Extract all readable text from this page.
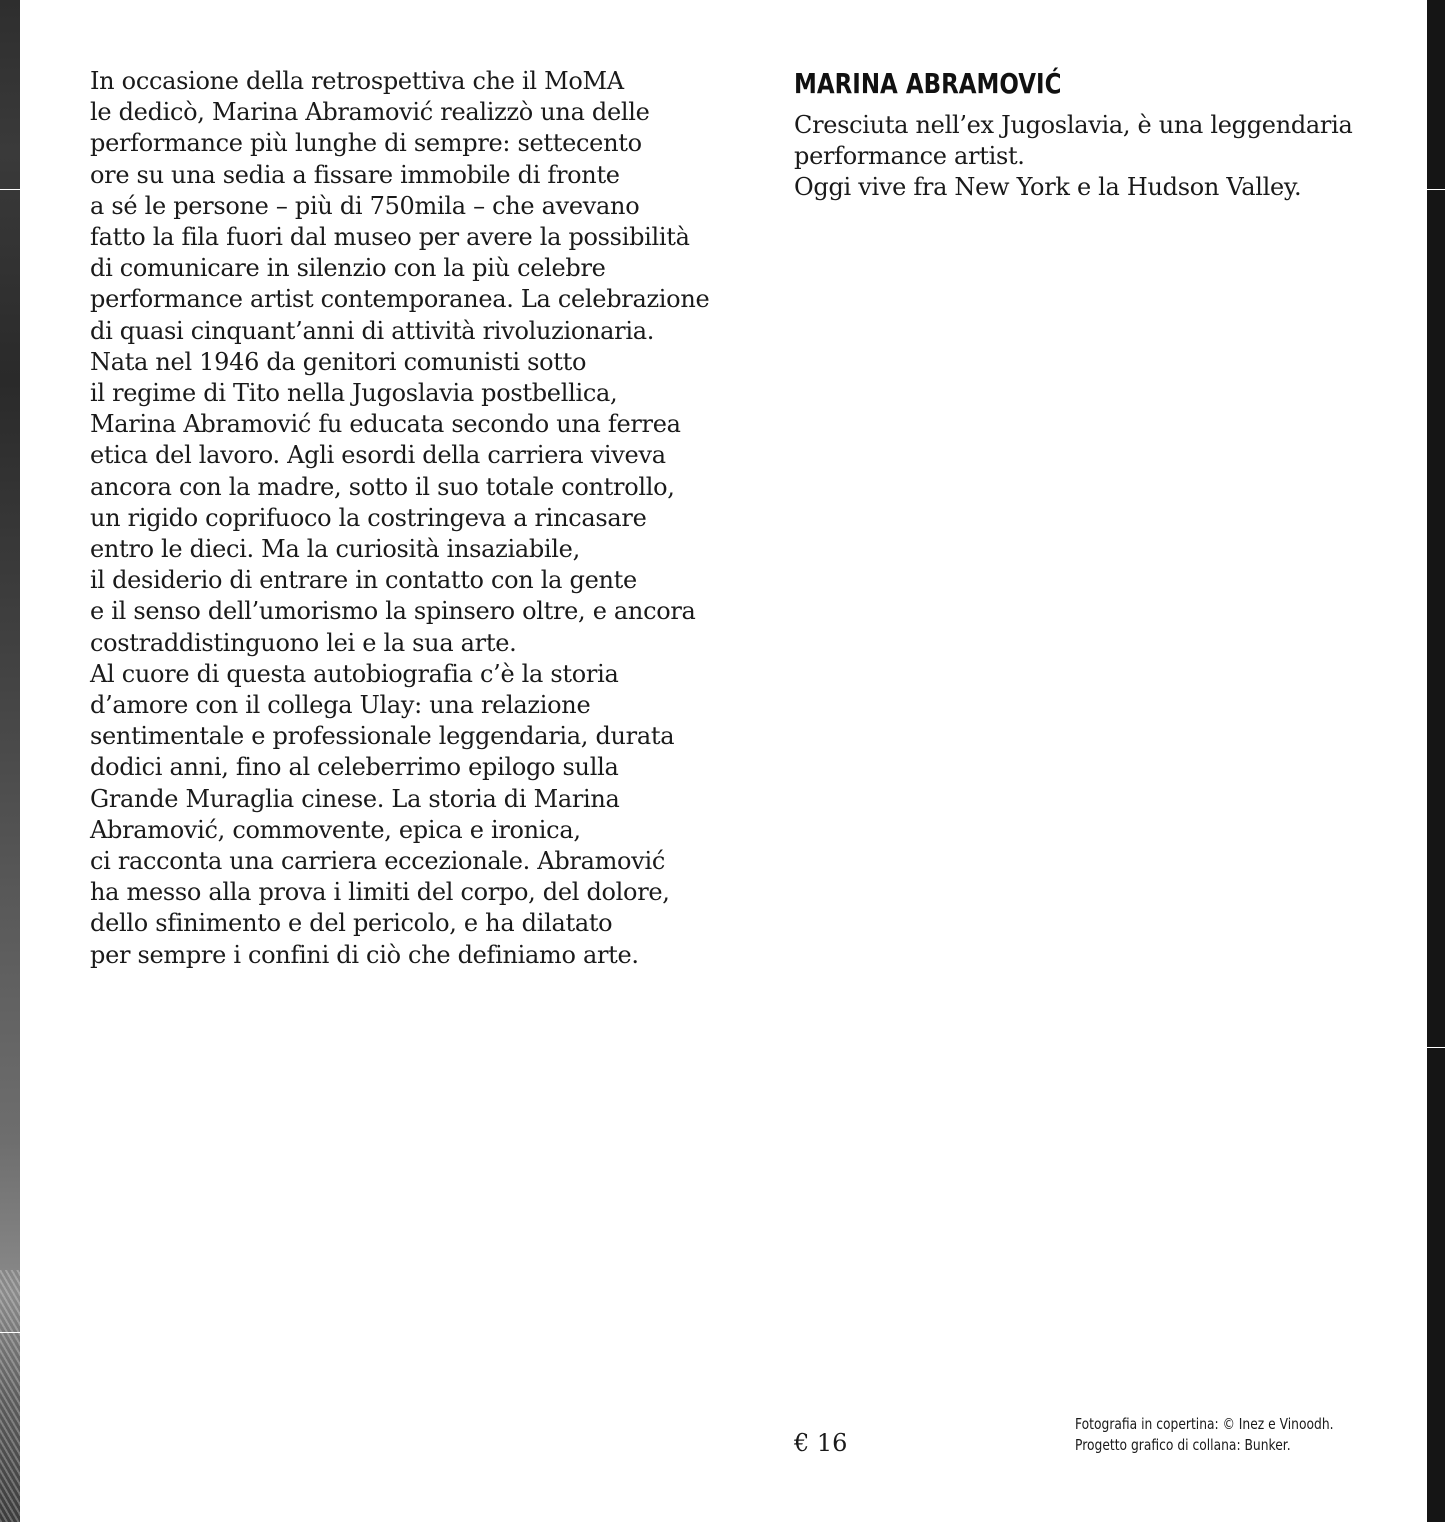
In occasione della retrospettiva che il MoMA
le dedicò, Marina Abramović realizzò una delle
performance più lunghe di sempre: settecento
ore su una sedia a fissare immobile di fronte
a sé le persone – più di 750mila – che avevano
fatto la fila fuori dal museo per avere la possibilità
di comunicare in silenzio con la più celebre
performance artist contemporanea. La celebrazione
di quasi cinquant’anni di attività rivoluzionaria.
Nata nel 1946 da genitori comunisti sotto
il regime di Tito nella Jugoslavia postbellica,
Marina Abramović fu educata secondo una ferrea
etica del lavoro. Agli esordi della carriera viveva
ancora con la madre, sotto il suo totale controllo,
un rigido coprifuoco la costringeva a rincasare
entro le dieci. Ma la curiosità insaziabile,
il desiderio di entrare in contatto con la gente
e il senso dell’umorismo la spinsero oltre, e ancora
costraddistinguono lei e la sua arte.
Al cuore di questa autobiografia c’è la storia
d’amore con il collega Ulay: una relazione
sentimentale e professionale leggendaria, durata
dodici anni, fino al celeberrimo epilogo sulla
Grande Muraglia cinese. La storia di Marina
Abramović, commovente, epica e ironica,
ci racconta una carriera eccezionale. Abramović
ha messo alla prova i limiti del corpo, del dolore,
dello sfinimento e del pericolo, e ha dilatato
per sempre i confini di ciò che definiamo arte.

MARINA ABRAMOVIĆ

Cresciuta nell’ex Jugoslavia, è una leggendaria
performance artist.
Oggi vive fra New York e la Hudson Valley.

€ 16
Fotografia in copertina: © Inez e Vinoodh.
Progetto grafico di collana: Bunker.
